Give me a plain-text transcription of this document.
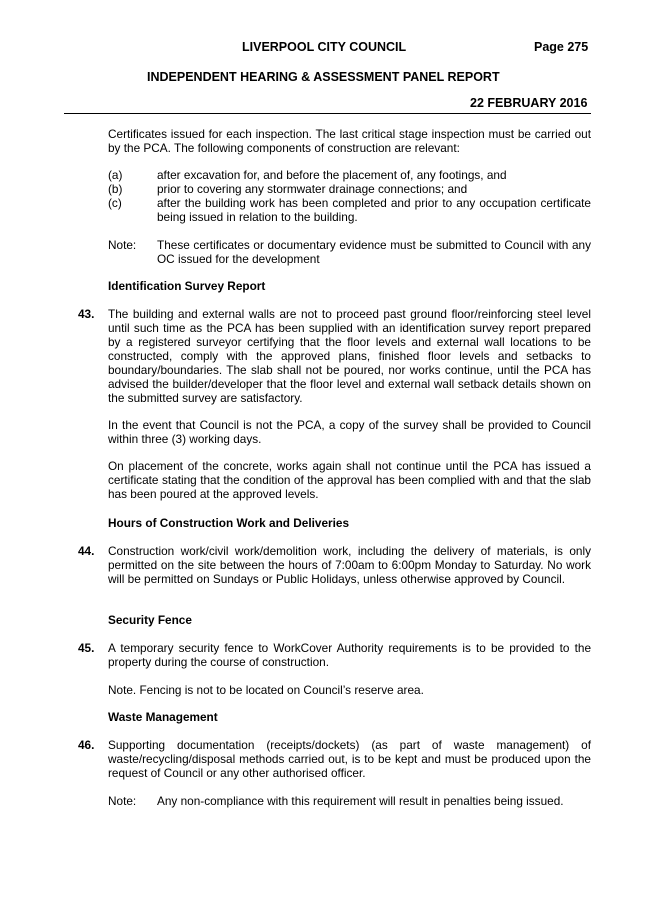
LIVERPOOL CITY COUNCIL	Page 275
INDEPENDENT HEARING & ASSESSMENT PANEL REPORT
22 FEBRUARY 2016

Certificates issued for each inspection. The last critical stage inspection must be carried out by the PCA. The following components of construction are relevant:

(a)	after excavation for, and before the placement of, any footings, and

(b)	prior to covering any stormwater drainage connections; and

(c)	after the building work has been completed and prior to any occupation certificate being issued in relation to the building.

Note: These certificates or documentary evidence must be submitted to Council with any OC issued for the development

Identification Survey Report
43. The building and external walls are not to proceed past ground floor/reinforcing steel level until such time as the PCA has been supplied with an identification survey report prepared by a registered surveyor certifying that the floor levels and external wall locations to be constructed, comply with the approved plans, finished floor levels and setbacks to boundary/boundaries. The slab shall not be poured, nor works continue, until the PCA has advised the builder/developer that the floor level and external wall setback details shown on the submitted survey are satisfactory.

In the event that Council is not the PCA, a copy of the survey shall be provided to Council within three (3) working days.

On placement of the concrete, works again shall not continue until the PCA has issued a certificate stating that the condition of the approval has been complied with and that the slab has been poured at the approved levels.

Hours of Construction Work and Deliveries
44. Construction work/civil work/demolition work, including the delivery of materials, is only permitted on the site between the hours of 7:00am to 6:00pm Monday to Saturday. No work will be permitted on Sundays or Public Holidays, unless otherwise approved by Council.

Security Fence
45. A temporary security fence to WorkCover Authority requirements is to be provided to the property during the course of construction.

Note. Fencing is not to be located on Council’s reserve area.

Waste Management
46. Supporting documentation (receipts/dockets) (as part of waste management) of waste/recycling/disposal methods carried out, is to be kept and must be produced upon the request of Council or any other authorised officer.

Note: Any non-compliance with this requirement will result in penalties being issued.
